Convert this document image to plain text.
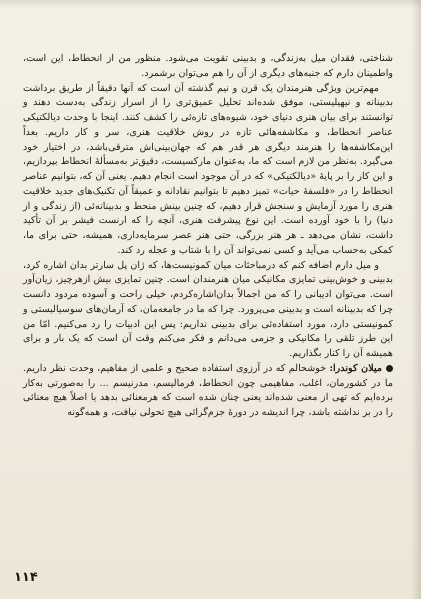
شناختی، فقدان میل به‌زندگی، و بدبینی تقویت می‌شود. منظور من از انحطاط، این است، واطمینان دارم که جنبه‌های دیگری از آن را هم می‌توان برشمرد.

مهم‌ترین ویژگی هنرمندان یک قرن و نیم گذشته آن است که آنها دقیقاً از طریق برداشت بدبینانه و نیهیلیستی، موفق شده‌اند تحلیل عمیق‌تری را از اسرار زندگی به‌دست دهند و توانستند برای بیان هنری دنیای خود، شیوه‌های تازه‌ئی را کشف کنند. اینجا با وحدت دیالکتیکی عناصر انحطاط، و مکاشفه‌هائی تازه در روش خلاقیت هنری، سر و کار داریم. بعداً این‌مکاشفه‌ها را هنرمند دیگری هر قدر هم که جهان‌بینی‌اش مترقی‌باشد، در اختیار خود می‌گیرد. به‌نظر من لازم است که ما، به‌عنوان مارکسیست، دقیق‌تر به‌مسألهٔ انحطاط بپردازیم، و این کار را بر پایهٔ «دیالکتیکی» که در آن موجود است انجام دهیم. یعنی آن که، بتوانیم عناصر انحطاط را در «فلسفهٔ حیات» تمیز دهیم تا بتوانیم نقادانه و عمیقاً آن تکنیک‌های جدید خلاقیت هنری را مورد آزمایش و سنجش قرار دهیم، که چنین بینش منحط و بدبینانه‌ئی (از زندگی و از دنیا) را با خود آورده است. این نوع پیشرفت هنری، آنچه را که ارنست فیشر بر آن تأکید داشت، نشان می‌دهد ـ هر هنر بزرگی، حتی هنر عصر سرمایه‌داری، همیشه، حتی برای ما، کمکی به‌حساب می‌آید و کسی نمی‌تواند آن را با شتاب و عجله رد کند.

و میل دارم اضافه کنم که درمباحثات میان کمونیست‌ها، که ژان پل سارتر بدان اشاره کرد، بدبینی و خوش‌بینی تمایزی مکانیکی میان هنرمندان است. چنین تمایزی بیش ازهرچیز، زیان‌آور است. می‌توان ادیبانی را که من اجمالاً بدان‌اشاره‌کردم، خیلی راحت و آسوده مردود دانست چرا که بدبینانه است و بدبینی می‌پرورد. چرا که ما در جامعه‌مان، که آرمان‌های سوسیالیستی و کمونیستی دارد، مورد استفاده‌ئی برای بدبینی نداریم: پس این ادبیات را رد می‌کنیم. امّا من این طرز تلقی را مکانیکی و جزمی می‌دانم و فکر می‌کنم وقت آن است که یک بار و برای همیشه آن را کنار بگذاریم.

میلان کوندرا: خوشحالم که در آرزوی استفاده صحیح و علمی از مفاهیم، وحدت نظر داریم. ما در کشورمان، اغلب، مفاهیمی چون انحطاط، فرمالیسم، مدرنیسم ... را به‌صورتی به‌کار برده‌ایم که تهی از معنی شده‌اند یعنی چنان شده است که هرمعنائی بدهد یا اصلاً هیچ معنائی را در بر نداشته باشد، چرا اندیشه در دورهٔ جزم‌گرائی هیچ تحولی نیافت، و همه‌گونه

۱۱۴
